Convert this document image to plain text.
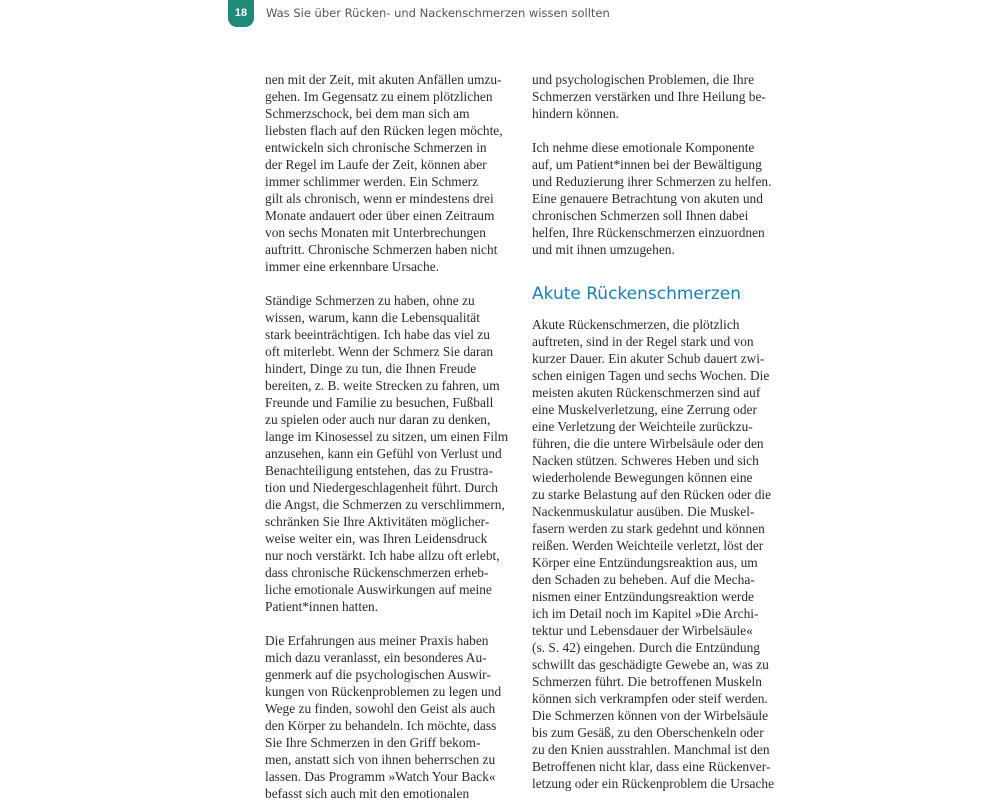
18	Was Sie über Rücken- und Nackenschmerzen wissen sollten
nen mit der Zeit, mit akuten Anfällen umzu-
gehen. Im Gegensatz zu einem plötzlichen
Schmerzschock, bei dem man sich am
liebsten flach auf den Rücken legen möchte,
entwickeln sich chronische Schmerzen in
der Regel im Laufe der Zeit, können aber
immer schlimmer werden. Ein Schmerz
gilt als chronisch, wenn er mindestens drei
Monate andauert oder über einen Zeitraum
von sechs Monaten mit Unterbrechungen
auftritt. Chronische Schmerzen haben nicht
immer eine erkennbare Ursache.
Ständige Schmerzen zu haben, ohne zu
wissen, warum, kann die Lebensqualität
stark beeinträchtigen. Ich habe das viel zu
oft miterlebt. Wenn der Schmerz Sie daran
hindert, Dinge zu tun, die Ihnen Freude
bereiten, z. B. weite Strecken zu fahren, um
Freunde und Familie zu besuchen, Fußball
zu spielen oder auch nur daran zu denken,
lange im Kinosessel zu sitzen, um einen Film
anzusehen, kann ein Gefühl von Verlust und
Benachteiligung entstehen, das zu Frustra-
tion und Niedergeschlagenheit führt. Durch
die Angst, die Schmerzen zu verschlimmern,
schränken Sie Ihre Aktivitäten möglicher-
weise weiter ein, was Ihren Leidensdruck
nur noch verstärkt. Ich habe allzu oft erlebt,
dass chronische Rückenschmerzen erheb-
liche emotionale Auswirkungen auf meine
Patient*innen hatten.
Die Erfahrungen aus meiner Praxis haben
mich dazu veranlasst, ein besonderes Au-
genmerk auf die psychologischen Auswir-
kungen von Rückenproblemen zu legen und
Wege zu finden, sowohl den Geist als auch
den Körper zu behandeln. Ich möchte, dass
Sie Ihre Schmerzen in den Griff bekom-
men, anstatt sich von ihnen beherrschen zu
lassen. Das Programm »Watch Your Back«
befasst sich auch mit den emotionalen
und psychologischen Problemen, die Ihre
Schmerzen verstärken und Ihre Heilung be-
hindern können.
Ich nehme diese emotionale Komponente
auf, um Patient*innen bei der Bewältigung
und Reduzierung ihrer Schmerzen zu helfen.
Eine genauere Betrachtung von akuten und
chronischen Schmerzen soll Ihnen dabei
helfen, Ihre Rückenschmerzen einzuordnen
und mit ihnen umzugehen.
Akute Rückenschmerzen
Akute Rückenschmerzen, die plötzlich
auftreten, sind in der Regel stark und von
kurzer Dauer. Ein akuter Schub dauert zwi-
schen einigen Tagen und sechs Wochen. Die
meisten akuten Rückenschmerzen sind auf
eine Muskelverletzung, eine Zerrung oder
eine Verletzung der Weichteile zurückzu-
führen, die die untere Wirbelsäule oder den
Nacken stützen. Schweres Heben und sich
wiederholende Bewegungen können eine
zu starke Belastung auf den Rücken oder die
Nackenmuskulatur ausüben. Die Muskel-
fasern werden zu stark gedehnt und können
reißen. Werden Weichteile verletzt, löst der
Körper eine Entzündungsreaktion aus, um
den Schaden zu beheben. Auf die Mecha-
nismen einer Entzündungsreaktion werde
ich im Detail noch im Kapitel »Die Archi-
tektur und Lebensdauer der Wirbelsäule«
(s. S. 42) eingehen. Durch die Entzündung
schwillt das geschädigte Gewebe an, was zu
Schmerzen führt. Die betroffenen Muskeln
können sich verkrampfen oder steif werden.
Die Schmerzen können von der Wirbelsäule
bis zum Gesäß, zu den Oberschenkeln oder
zu den Knien ausstrahlen. Manchmal ist den
Betroffenen nicht klar, dass eine Rückenver-
letzung oder ein Rückenproblem die Ursache
